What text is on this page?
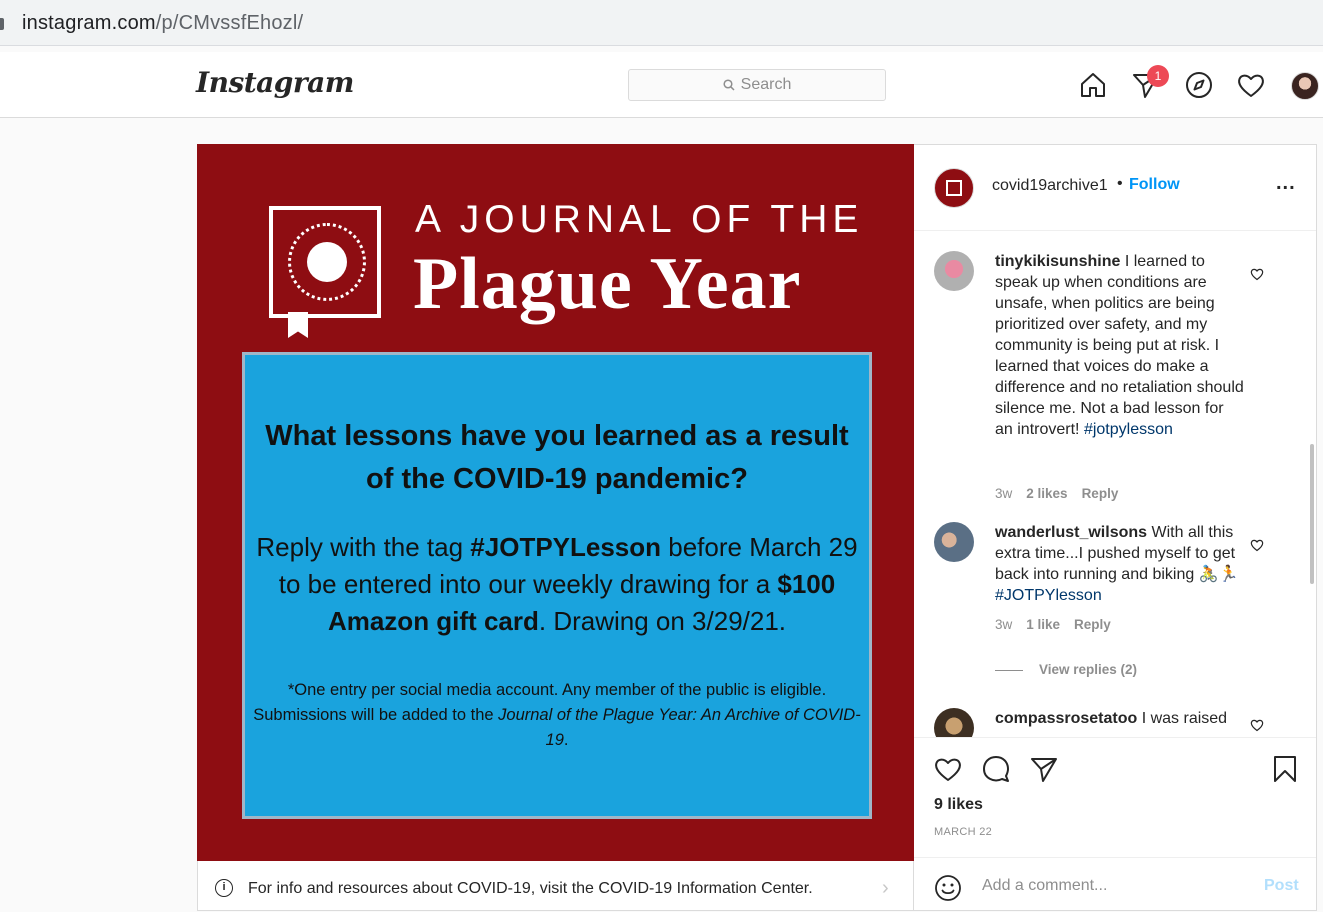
instagram.com/p/CMvssfEhozl/
Instagram	Search	1
A JOURNAL OF THE
Plague Year
What lessons have you learned as a result of the COVID-19 pandemic?
Reply with the tag #JOTPYLesson before March 29 to be entered into our weekly drawing for a $100 Amazon gift card. Drawing on 3/29/21.
*One entry per social media account. Any member of the public is eligible. Submissions will be added to the Journal of the Plague Year: An Archive of COVID-19.
i	For info and resources about COVID-19, visit the COVID-19 Information Center.	›
covid19archive1 • Follow	...
tinykikisunshine I learned to speak up when conditions are unsafe, when politics are being prioritized over safety, and my community is being put at risk. I learned that voices do make a difference and no retaliation should silence me. Not a bad lesson for an introvert! #jotpylesson
3w 2 likes Reply
wanderlust_wilsons With all this extra time...I pushed myself to get back into running and biking 🚴🏃 #JOTPYlesson
3w 1 like Reply
View replies (2)
compassrosetatoo I was raised
9 likes
MARCH 22
Add a comment...
Post
